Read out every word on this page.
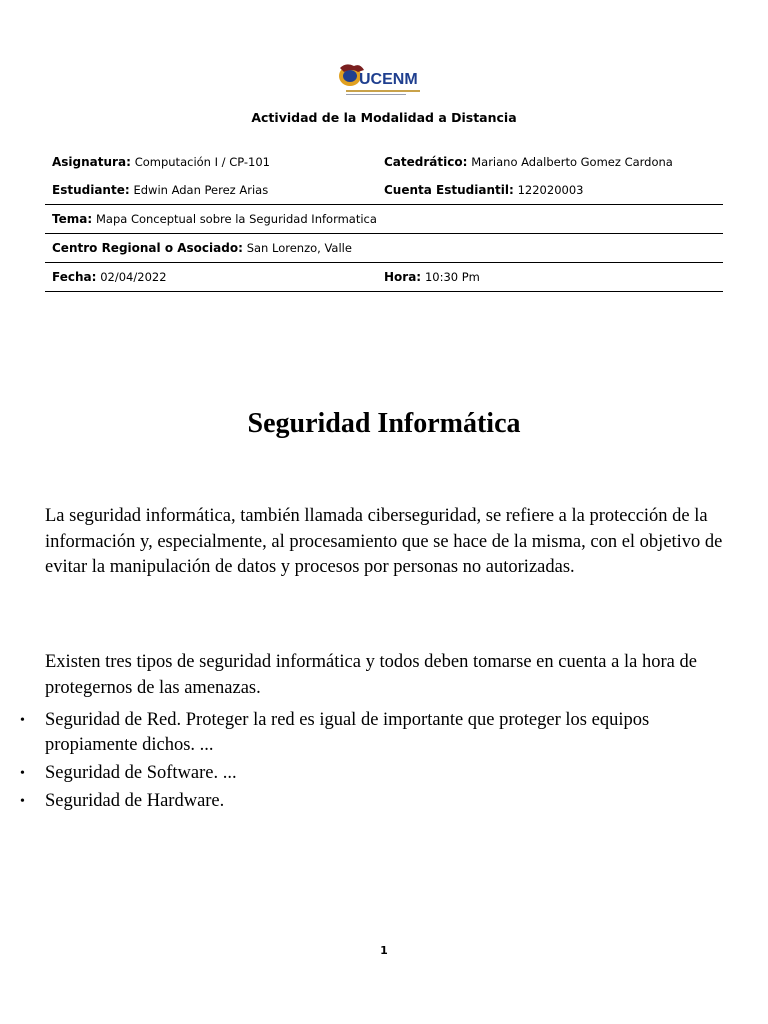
UCENM
Actividad de la Modalidad a Distancia
Asignatura: Computación I / CP-101	Catedrático: Mariano Adalberto Gomez Cardona
Estudiante: Edwin Adan Perez Arias	Cuenta Estudiantil: 122020003
Tema: Mapa Conceptual sobre la Seguridad Informatica	
Centro Regional o Asociado: San Lorenzo, Valle	
Fecha: 02/04/2022	Hora: 10:30 Pm
Seguridad Informática

La seguridad informática, también llamada ciberseguridad, se refiere a la protección de la información y, especialmente, al procesamiento que se hace de la misma, con el objetivo de evitar la manipulación de datos y procesos por personas no autorizadas.

Existen tres tipos de seguridad informática y todos deben tomarse en cuenta a la hora de protegernos de las amenazas.

• Seguridad de Red. Proteger la red es igual de importante que proteger los equipos propiamente dichos. ...
• Seguridad de Software. ...
• Seguridad de Hardware.
1
